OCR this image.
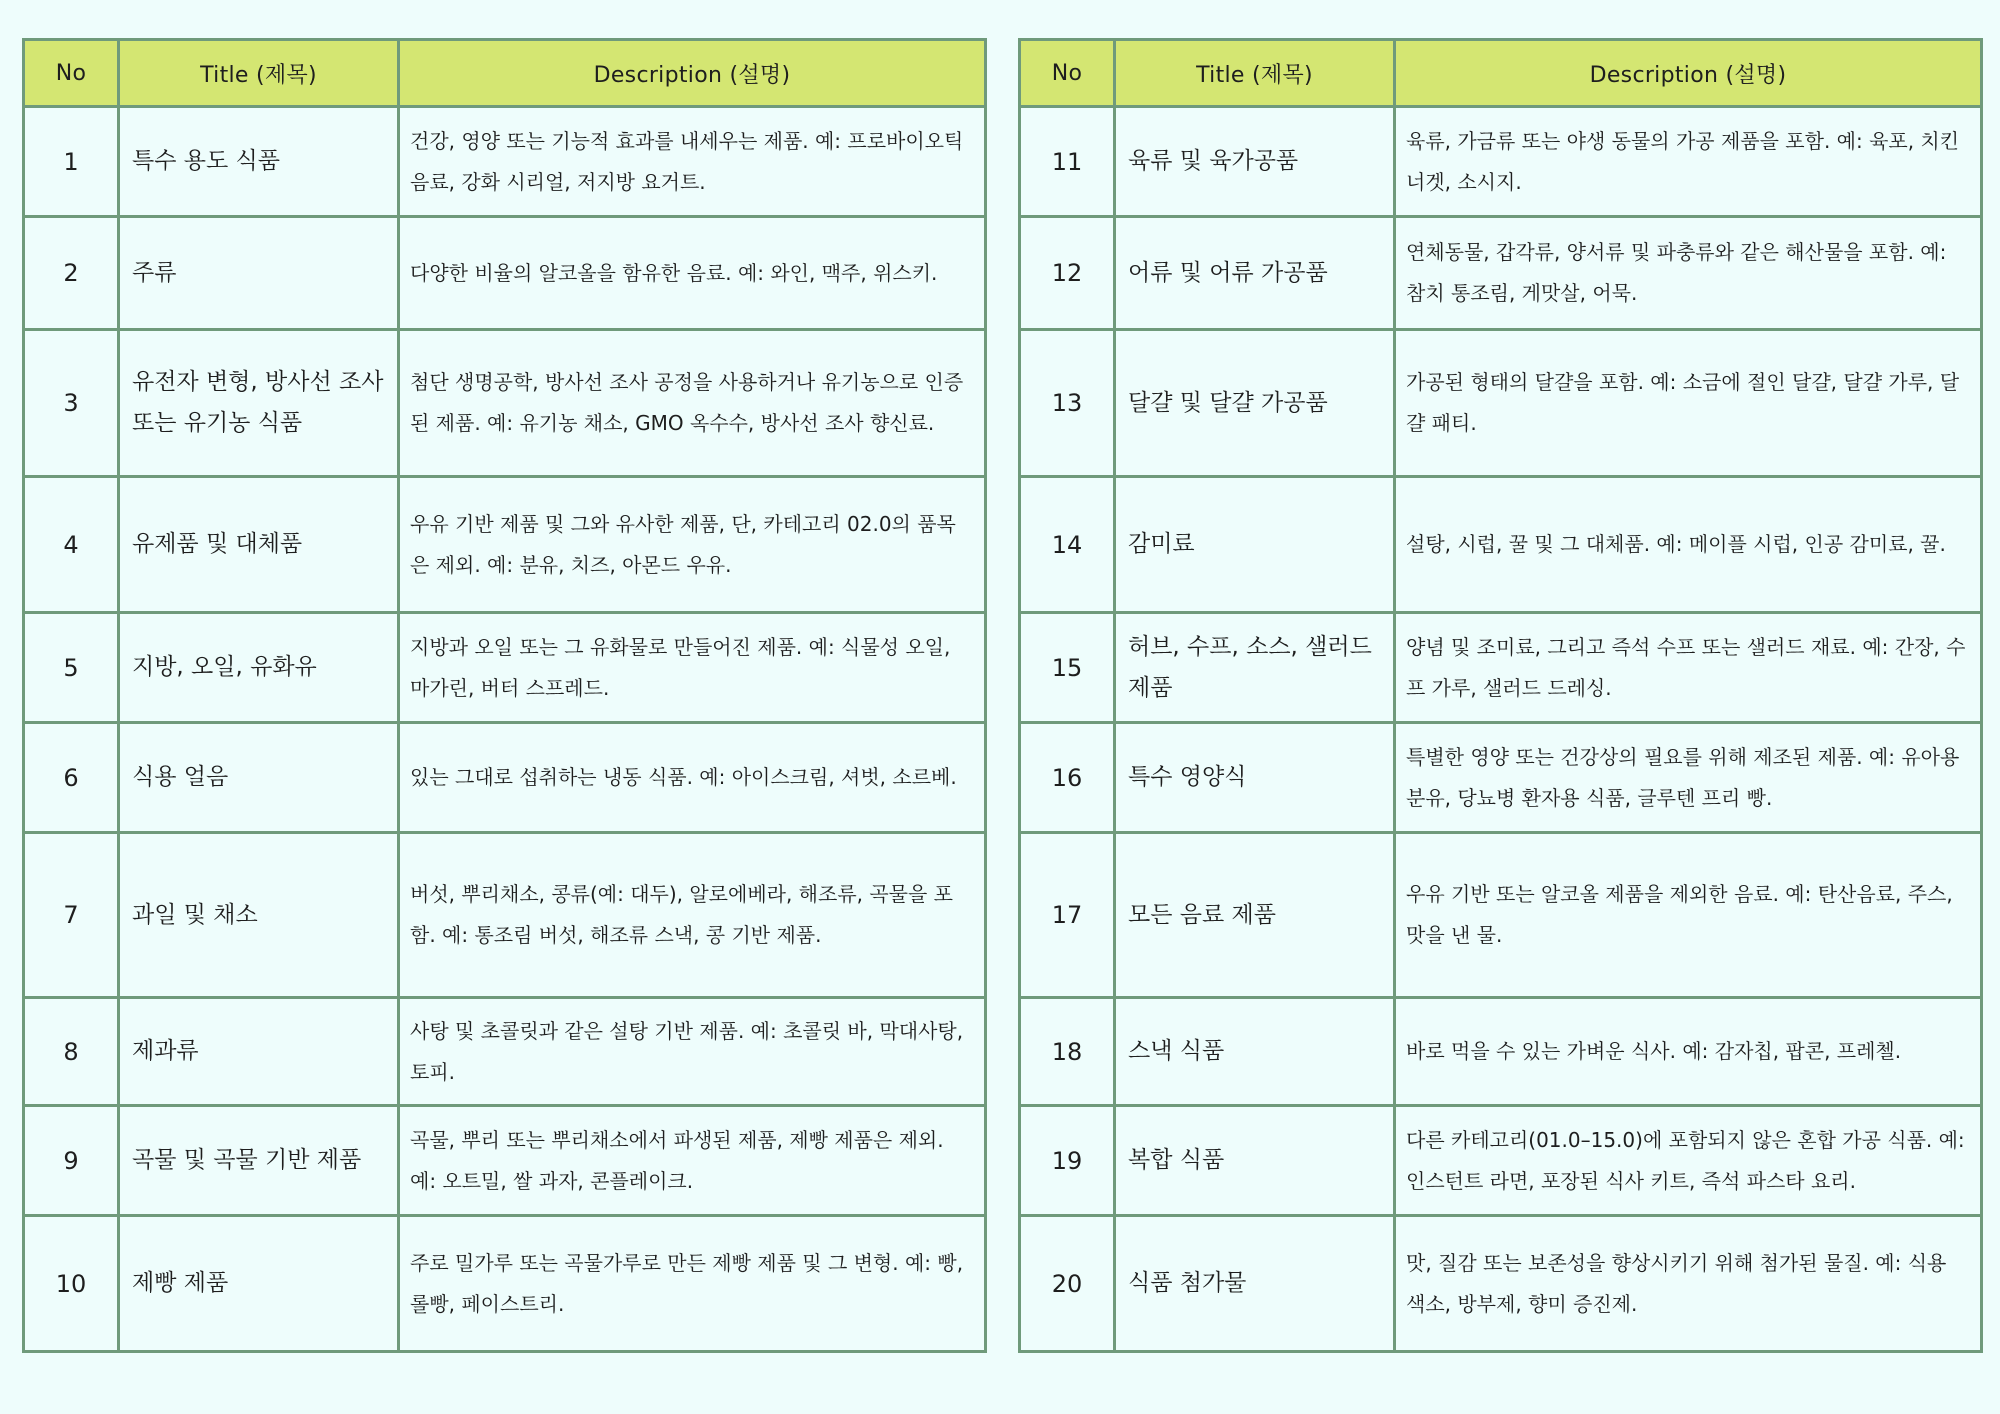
No	Title (제목)	Description (설명)
1	특수 용도 식품	건강, 영양 또는 기능적 효과를 내세우는 제품. 예: 프로바이오틱 음료, 강화 시리얼, 저지방 요거트.
2	주류	다양한 비율의 알코올을 함유한 음료. 예: 와인, 맥주, 위스키.
3	유전자 변형, 방사선 조사 또는 유기농 식품	첨단 생명공학, 방사선 조사 공정을 사용하거나 유기농으로 인증된 제품. 예: 유기농 채소, GMO 옥수수, 방사선 조사 향신료.
4	유제품 및 대체품	우유 기반 제품 및 그와 유사한 제품, 단, 카테고리 02.0의 품목은 제외. 예: 분유, 치즈, 아몬드 우유.
5	지방, 오일, 유화유	지방과 오일 또는 그 유화물로 만들어진 제품. 예: 식물성 오일, 마가린, 버터 스프레드.
6	식용 얼음	있는 그대로 섭취하는 냉동 식품. 예: 아이스크림, 셔벗, 소르베.
7	과일 및 채소	버섯, 뿌리채소, 콩류(예: 대두), 알로에베라, 해조류, 곡물을 포함. 예: 통조림 버섯, 해조류 스낵, 콩 기반 제품.
8	제과류	사탕 및 초콜릿과 같은 설탕 기반 제품. 예: 초콜릿 바, 막대사탕, 토피.
9	곡물 및 곡물 기반 제품	곡물, 뿌리 또는 뿌리채소에서 파생된 제품, 제빵 제품은 제외. 예: 오트밀, 쌀 과자, 콘플레이크.
10	제빵 제품	주로 밀가루 또는 곡물가루로 만든 제빵 제품 및 그 변형. 예: 빵, 롤빵, 페이스트리.
No	Title (제목)	Description (설명)
11	육류 및 육가공품	육류, 가금류 또는 야생 동물의 가공 제품을 포함. 예: 육포, 치킨 너겟, 소시지.
12	어류 및 어류 가공품	연체동물, 갑각류, 양서류 및 파충류와 같은 해산물을 포함. 예: 참치 통조림, 게맛살, 어묵.
13	달걀 및 달걀 가공품	가공된 형태의 달걀을 포함. 예: 소금에 절인 달걀, 달걀 가루, 달걀 패티.
14	감미료	설탕, 시럽, 꿀 및 그 대체품. 예: 메이플 시럽, 인공 감미료, 꿀.
15	허브, 수프, 소스, 샐러드 제품	양념 및 조미료, 그리고 즉석 수프 또는 샐러드 재료. 예: 간장, 수프 가루, 샐러드 드레싱.
16	특수 영양식	특별한 영양 또는 건강상의 필요를 위해 제조된 제품. 예: 유아용 분유, 당뇨병 환자용 식품, 글루텐 프리 빵.
17	모든 음료 제품	우유 기반 또는 알코올 제품을 제외한 음료. 예: 탄산음료, 주스, 맛을 낸 물.
18	스낵 식품	바로 먹을 수 있는 가벼운 식사. 예: 감자칩, 팝콘, 프레첼.
19	복합 식품	다른 카테고리(01.0–15.0)에 포함되지 않은 혼합 가공 식품. 예: 인스턴트 라면, 포장된 식사 키트, 즉석 파스타 요리.
20	식품 첨가물	맛, 질감 또는 보존성을 향상시키기 위해 첨가된 물질. 예: 식용 색소, 방부제, 향미 증진제.
